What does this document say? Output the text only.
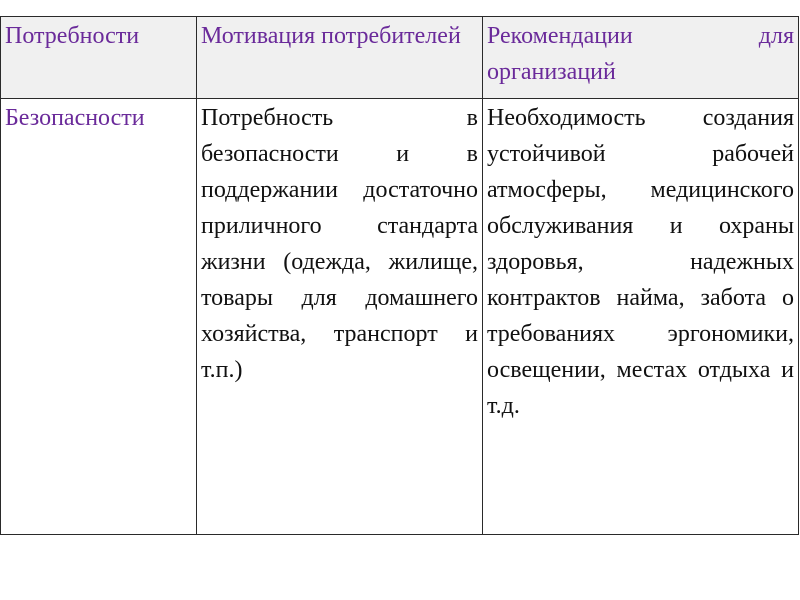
Потребности	Мотивация потребителей	Рекомендации для организаций
Безопасности	Потребность в безопасности и в поддержании достаточно приличного стандарта жизни (одежда, жилище, товары для домашнего хозяйства, транспорт и т.п.)	Необходимость создания устойчивой рабочей атмосферы, медицинского обслуживания и охраны здоровья, надежных контрактов найма, забота о требованиях эргономики, освещении, местах отдыха и т.д.
